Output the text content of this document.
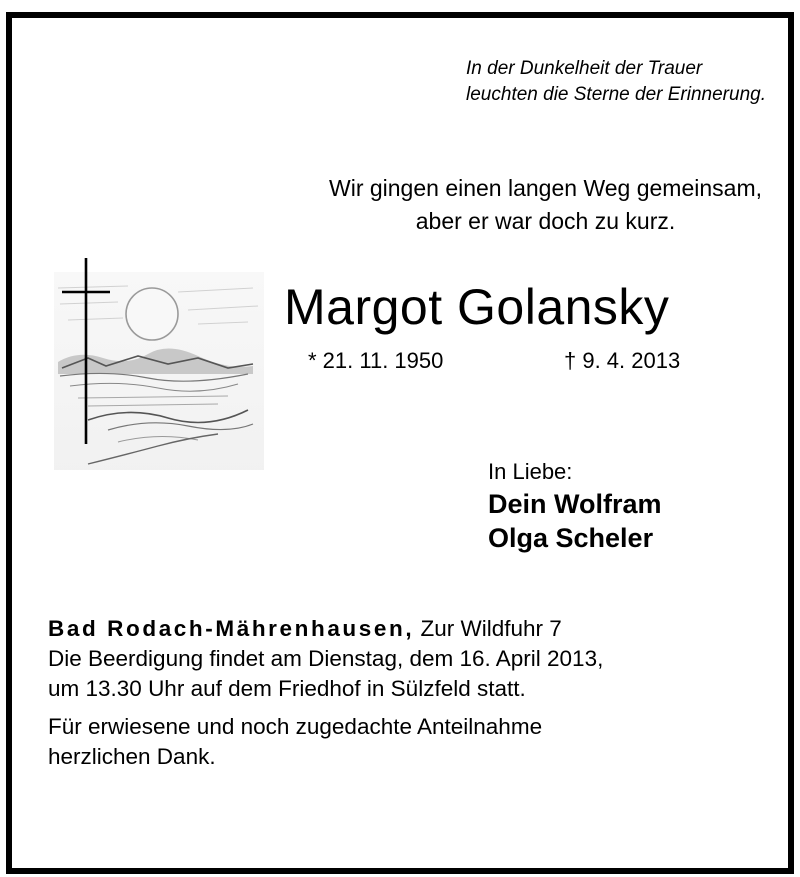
In der Dunkelheit der Trauer
leuchten die Sterne der Erinnerung.
Wir gingen einen langen Weg gemeinsam,
aber er war doch zu kurz.
Margot Golansky
* 21. 11. 1950	† 9. 4. 2013
In Liebe:
Dein Wolfram
Olga Scheler
Bad Rodach-Mährenhausen, Zur Wildfuhr 7

Die Beerdigung findet am Dienstag, dem 16. April 2013,

um 13.30 Uhr auf dem Friedhof in Sülzfeld statt.

Für erwiesene und noch zugedachte Anteilnahme

herzlichen Dank.
